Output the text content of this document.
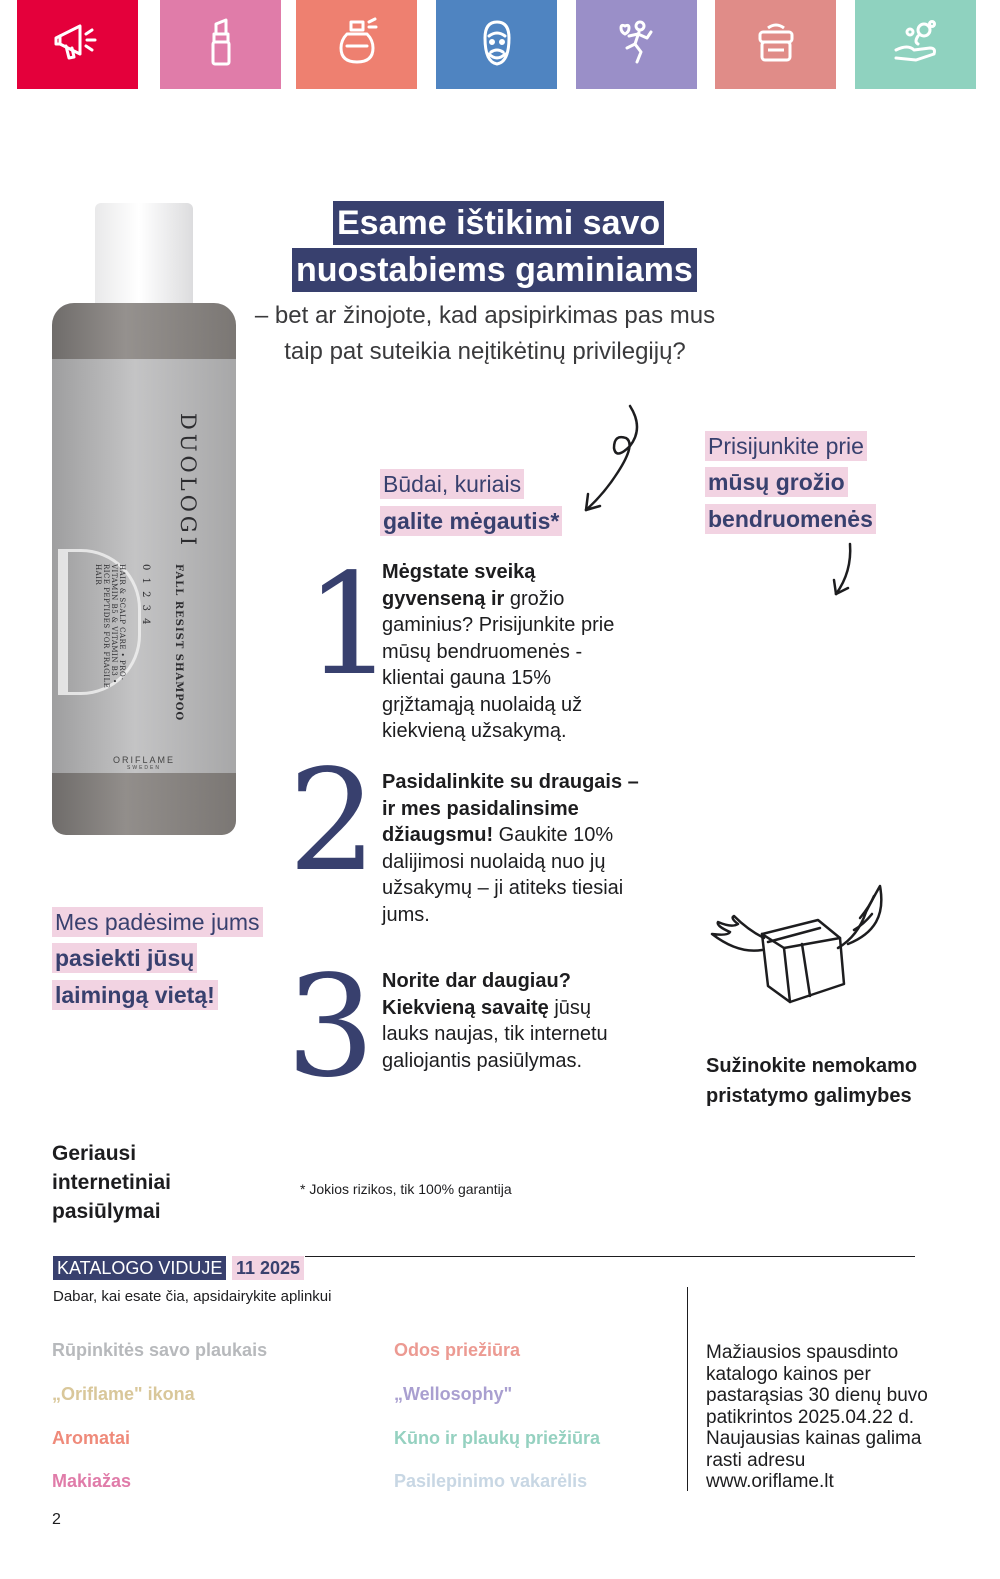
DUOLOGI
FALL RESIST SHAMPOO
0 1 2 3 4
HAIR & SCALP CARE • PRO-VITAMIN B5 & VITAMIN B3 • RICE PEPTIDES FOR FRAGILE HAIR
ORIFLAME
SWEDEN
Esame ištikimi savo
nuostabiems gaminiams
– bet ar žinojote, kad apsipirkimas pas mus
taip pat suteikia neįtikėtinų privilegijų?
Būdai, kuriais
galite mėgautis*
Prisijunkite prie
mūsų grožio
bendruomenės
Mes padėsime jums
pasiekti jūsų
laimingą vietą!
1
Mėgstate sveiką gyvenseną ir grožio gaminius? Prisijunkite prie mūsų bendruomenės - klientai gauna 15% grįžtamąją nuolaidą už kiekvieną užsakymą.
2 Pasidalinkite su draugais – ir mes pasidalinsime džiaugsmu! Gaukite 10% dalijimosi nuolaidą nuo jų užsakymų – ji atiteks tiesiai jums.
3 Norite dar daugiau? Kiekvieną savaitę jūsų lauks naujas, tik internetu galiojantis pasiūlymas.	Sužinokite nemokamo
pristatymo galimybes
Geriausi
internetiniai
pasiūlymai
* Jokios rizikos, tik 100% garantija
KATALOGO VIDUJE 11 2025
Dabar, kai esate čia, apsidairykite aplinkui
Rūpinkitės savo plaukais
„Oriflame" ikona
Aromatai
Makiažas
Odos priežiūra
„Wellosophy"
Kūno ir plaukų priežiūra
Pasilepinimo vakarėlis
Mažiausios spausdinto katalogo kainos per pastarąsias 30 dienų buvo patikrintos 2025.04.22 d. Naujausias kainas galima rasti adresu www.oriflame.lt
2
